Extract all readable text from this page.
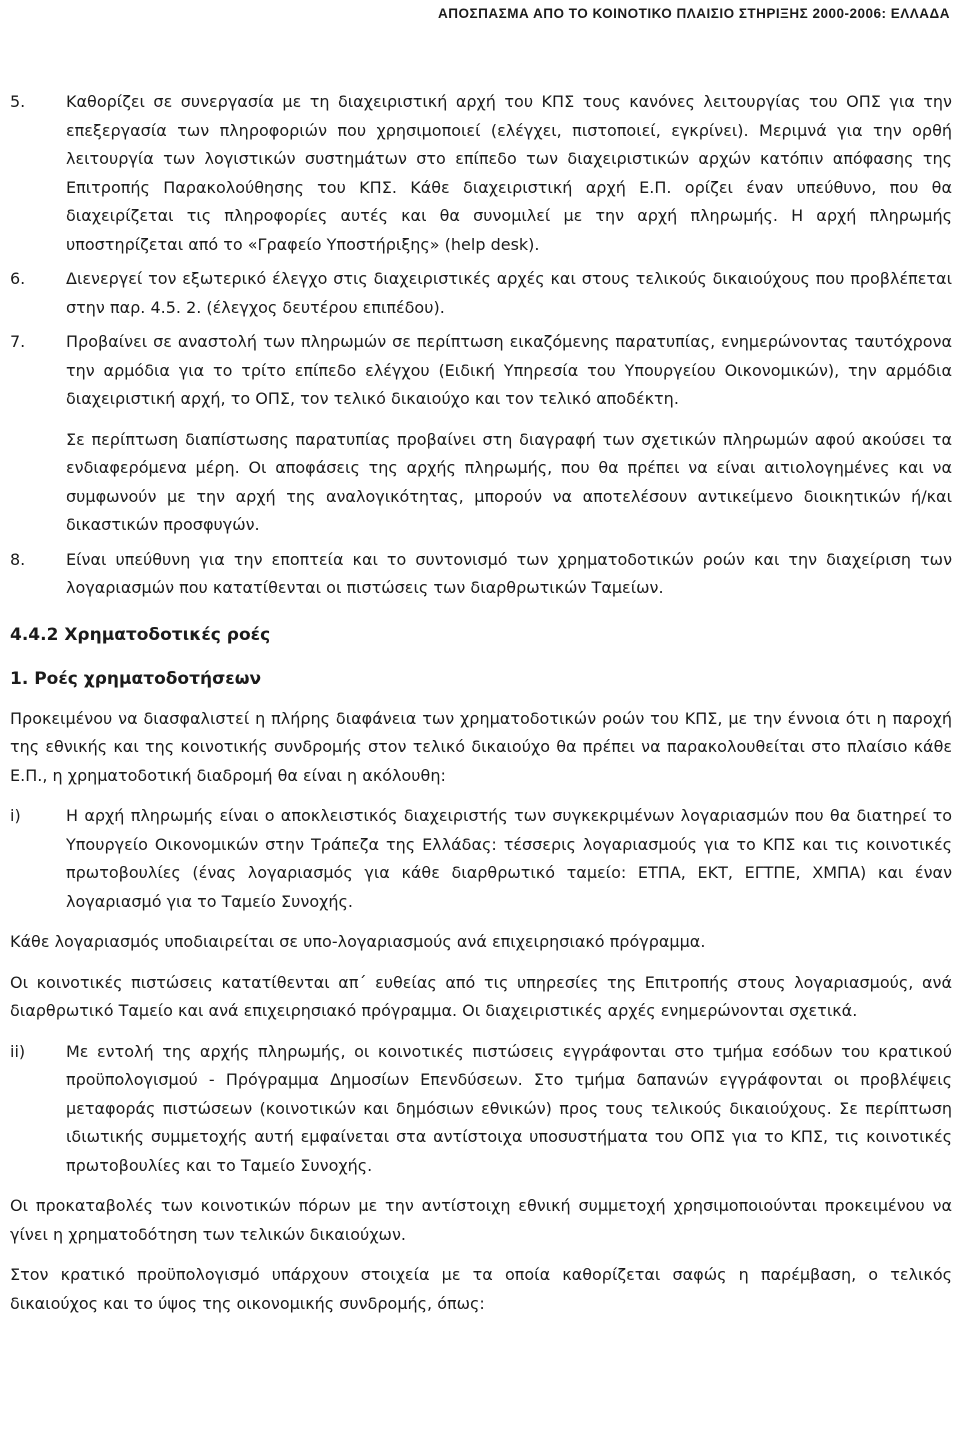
ΑΠΟΣΠΑΣΜΑ ΑΠΟ ΤΟ ΚΟΙΝΟΤΙΚΟ ΠΛΑΙΣΙΟ ΣΤΗΡΙΞΗΣ 2000-2006: ΕΛΛΑΔΑ
5.	Καθορίζει σε συνεργασία με τη διαχειριστική αρχή του ΚΠΣ τους κανόνες λειτουργίας του ΟΠΣ για την επεξεργασία των πληροφοριών που χρησιμοποιεί (ελέγχει, πιστοποιεί, εγκρίνει). Μεριμνά για την ορθή λειτουργία των λογιστικών συστημάτων στο επίπεδο των διαχειριστικών αρχών κατόπιν απόφασης της Επιτροπής Παρακολούθησης του ΚΠΣ. Κάθε διαχειριστική αρχή Ε.Π. ορίζει έναν υπεύθυνο, που θα διαχειρίζεται τις πληροφορίες αυτές και θα συνομιλεί με την αρχή πληρωμής. Η αρχή πληρωμής υποστηρίζεται από το «Γραφείο Υποστήριξης» (help desk).
6.	Διενεργεί τον εξωτερικό έλεγχο στις διαχειριστικές αρχές και στους τελικούς δικαιούχους που προβλέπεται στην παρ. 4.5. 2. (έλεγχος δευτέρου επιπέδου).
7.	Προβαίνει σε αναστολή των πληρωμών σε περίπτωση εικαζόμενης παρατυπίας, ενημερώνοντας ταυτόχρονα την αρμόδια για το τρίτο επίπεδο ελέγχου (Ειδική Υπηρεσία του Υπουργείου Οικονομικών), την αρμόδια διαχειριστική αρχή, το ΟΠΣ, τον τελικό δικαιούχο και τον τελικό αποδέκτη.

Σε περίπτωση διαπίστωσης παρατυπίας προβαίνει στη διαγραφή των σχετικών πληρωμών αφού ακούσει τα ενδιαφερόμενα μέρη. Οι αποφάσεις της αρχής πληρωμής, που θα πρέπει να είναι αιτιολογημένες και να συμφωνούν με την αρχή της αναλογικότητας, μπορούν να αποτελέσουν αντικείμενο διοικητικών ή/και δικαστικών προσφυγών.

8.	Είναι υπεύθυνη για την εποπτεία και το συντονισμό των χρηματοδοτικών ροών και την διαχείριση των λογαριασμών που κατατίθενται οι πιστώσεις των διαρθρωτικών Ταμείων.
4.4.2 Χρηματοδοτικές ροές
1. Ροές χρηματοδοτήσεων

Προκειμένου να διασφαλιστεί η πλήρης διαφάνεια των χρηματοδοτικών ροών του ΚΠΣ, με την έννοια ότι η παροχή της εθνικής και της κοινοτικής συνδρομής στον τελικό δικαιούχο θα πρέπει να παρακολουθείται στο πλαίσιο κάθε Ε.Π., η χρηματοδοτική διαδρομή θα είναι η ακόλουθη:

i)	Η αρχή πληρωμής είναι ο αποκλειστικός διαχειριστής των συγκεκριμένων λογαριασμών που θα διατηρεί το Υπουργείο Οικονομικών στην Τράπεζα της Ελλάδας: τέσσερις λογαριασμούς για το ΚΠΣ και τις κοινοτικές πρωτοβουλίες (ένας λογαριασμός για κάθε διαρθρωτικό ταμείο: ΕΤΠΑ, ΕΚΤ, ΕΓΤΠΕ, ΧΜΠΑ) και έναν λογαριασμό για το Ταμείο Συνοχής.

Κάθε λογαριασμός υποδιαιρείται σε υπο-λογαριασμούς ανά επιχειρησιακό πρόγραμμα.

Οι κοινοτικές πιστώσεις κατατίθενται απ΄ ευθείας από τις υπηρεσίες της Επιτροπής στους λογαριασμούς, ανά διαρθρωτικό Ταμείο και ανά επιχειρησιακό πρόγραμμα. Οι διαχειριστικές αρχές ενημερώνονται σχετικά.

ii)	Με εντολή της αρχής πληρωμής, οι κοινοτικές πιστώσεις εγγράφονται στο τμήμα εσόδων του κρατικού προϋπολογισμού - Πρόγραμμα Δημοσίων Επενδύσεων. Στο τμήμα δαπανών εγγράφονται οι προβλέψεις μεταφοράς πιστώσεων (κοινοτικών και δημόσιων εθνικών) προς τους τελικούς δικαιούχους. Σε περίπτωση ιδιωτικής συμμετοχής αυτή εμφαίνεται στα αντίστοιχα υποσυστήματα του ΟΠΣ για το ΚΠΣ, τις κοινοτικές πρωτοβουλίες και το Ταμείο Συνοχής.

Οι προκαταβολές των κοινοτικών πόρων με την αντίστοιχη εθνική συμμετοχή χρησιμοποιούνται προκειμένου να γίνει η χρηματοδότηση των τελικών δικαιούχων.

Στον κρατικό προϋπολογισμό υπάρχουν στοιχεία με τα οποία καθορίζεται σαφώς η παρέμβαση, ο τελικός δικαιούχος και το ύψος της οικονομικής συνδρομής, όπως:
